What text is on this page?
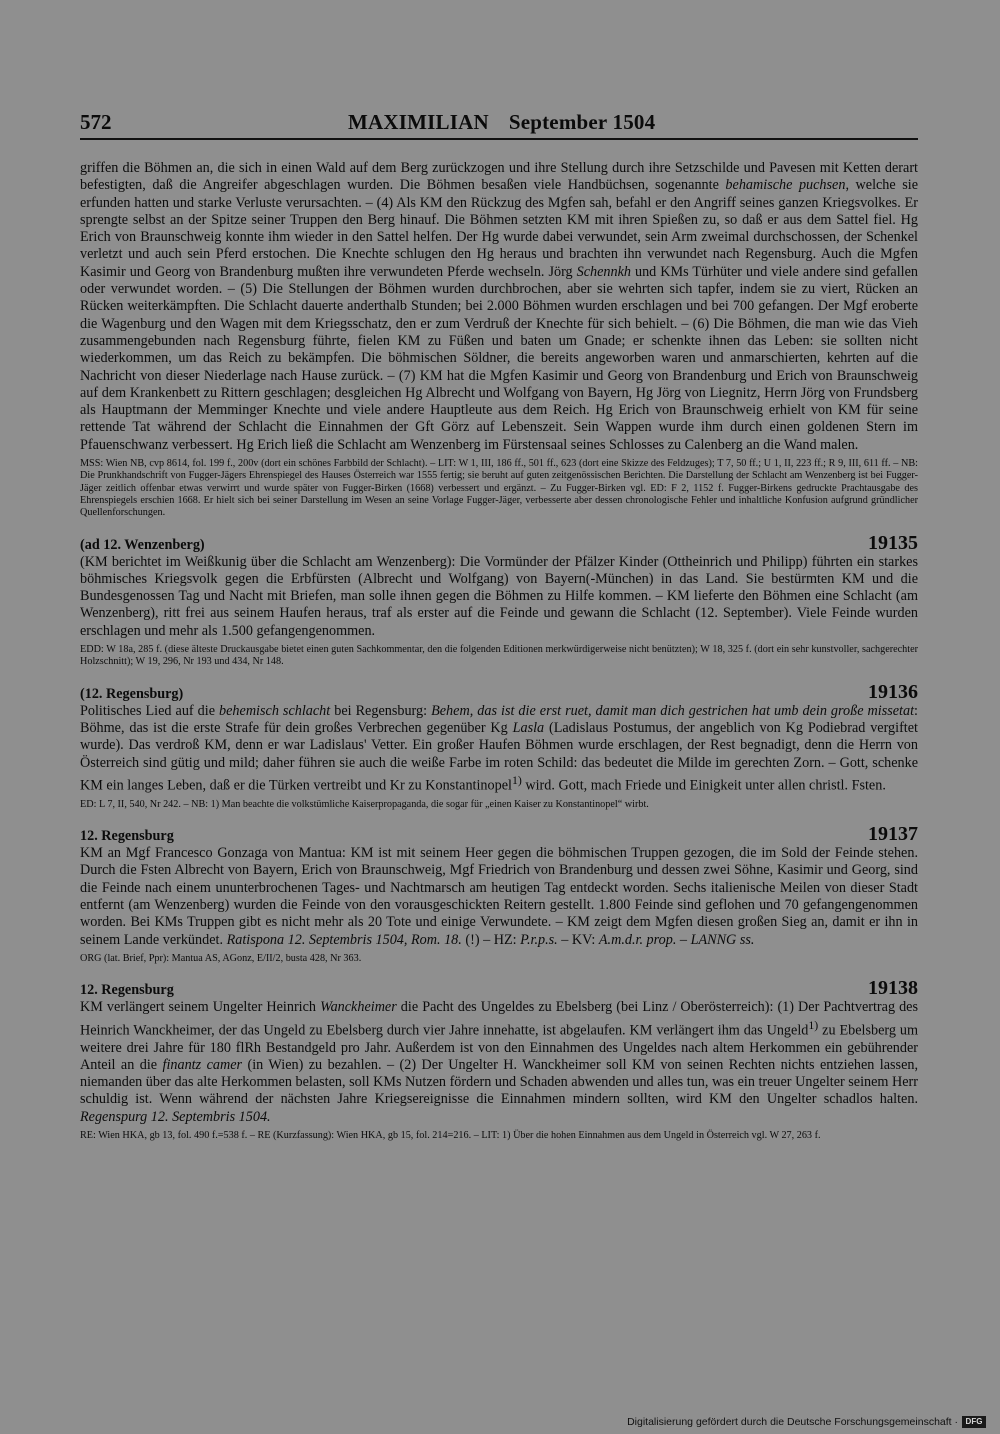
572	MAXIMILIAN September 1504

griffen die Böhmen an, die sich in einen Wald auf dem Berg zurückzogen und ihre Stellung durch ihre Setzschilde und Pavesen mit Ketten derart befestigten, daß die Angreifer abgeschlagen wurden. Die Böhmen besaßen viele Handbüchsen, sogenannte behamische puchsen, welche sie erfunden hatten und starke Verluste verursachten. – (4) Als KM den Rückzug des Mgfen sah, befahl er den Angriff seines ganzen Kriegsvolkes. Er sprengte selbst an der Spitze seiner Truppen den Berg hinauf. Die Böhmen setzten KM mit ihren Spießen zu, so daß er aus dem Sattel fiel. Hg Erich von Braunschweig konnte ihm wieder in den Sattel helfen. Der Hg wurde dabei verwundet, sein Arm zweimal durchschossen, der Schenkel verletzt und auch sein Pferd erstochen. Die Knechte schlugen den Hg heraus und brachten ihn verwundet nach Regensburg. Auch die Mgfen Kasimir und Georg von Brandenburg mußten ihre verwundeten Pferde wechseln. Jörg Schennkh und KMs Türhüter und viele andere sind gefallen oder verwundet worden. – (5) Die Stellungen der Böhmen wurden durchbrochen, aber sie wehrten sich tapfer, indem sie zu viert, Rücken an Rücken weiterkämpften. Die Schlacht dauerte anderthalb Stunden; bei 2.000 Böhmen wurden erschlagen und bei 700 gefangen. Der Mgf eroberte die Wagenburg und den Wagen mit dem Kriegsschatz, den er zum Verdruß der Knechte für sich behielt. – (6) Die Böhmen, die man wie das Vieh zusammengebunden nach Regensburg führte, fielen KM zu Füßen und baten um Gnade; er schenkte ihnen das Leben: sie sollten nicht wiederkommen, um das Reich zu bekämpfen. Die böhmischen Söldner, die bereits angeworben waren und anmarschierten, kehrten auf die Nachricht von dieser Niederlage nach Hause zurück. – (7) KM hat die Mgfen Kasimir und Georg von Brandenburg und Erich von Braunschweig auf dem Krankenbett zu Rittern geschlagen; desgleichen Hg Albrecht und Wolfgang von Bayern, Hg Jörg von Liegnitz, Herrn Jörg von Frundsberg als Hauptmann der Memminger Knechte und viele andere Hauptleute aus dem Reich. Hg Erich von Braunschweig erhielt von KM für seine rettende Tat während der Schlacht die Einnahmen der Gft Görz auf Lebenszeit. Sein Wappen wurde ihm durch einen goldenen Stern im Pfauenschwanz verbessert. Hg Erich ließ die Schlacht am Wenzenberg im Fürstensaal seines Schlosses zu Calenberg an die Wand malen.

MSS: Wien NB, cvp 8614, fol. 199 f., 200v (dort ein schönes Farbbild der Schlacht). – LIT: W 1, III, 186 ff., 501 ff., 623 (dort eine Skizze des Feldzuges); T 7, 50 ff.; U 1, II, 223 ff.; R 9, III, 611 ff. – NB: Die Prunkhandschrift von Fugger-Jägers Ehrenspiegel des Hauses Österreich war 1555 fertig; sie beruht auf guten zeitgenössischen Berichten. Die Darstellung der Schlacht am Wenzenberg ist bei Fugger-Jäger zeitlich offenbar etwas verwirrt und wurde später von Fugger-Birken (1668) verbessert und ergänzt. – Zu Fugger-Birken vgl. ED: F 2, 1152 f. Fugger-Birkens gedruckte Prachtausgabe des Ehrenspiegels erschien 1668. Er hielt sich bei seiner Darstellung im Wesen an seine Vorlage Fugger-Jäger, verbesserte aber dessen chronologische Fehler und inhaltliche Konfusion aufgrund gründlicher Quellenforschungen.

(ad 12. Wenzenberg)	19135

(KM berichtet im Weißkunig über die Schlacht am Wenzenberg): Die Vormünder der Pfälzer Kinder (Ottheinrich und Philipp) führten ein starkes böhmisches Kriegsvolk gegen die Erbfürsten (Albrecht und Wolfgang) von Bayern(-München) in das Land. Sie bestürmten KM und die Bundesgenossen Tag und Nacht mit Briefen, man solle ihnen gegen die Böhmen zu Hilfe kommen. – KM lieferte den Böhmen eine Schlacht (am Wenzenberg), ritt frei aus seinem Haufen heraus, traf als erster auf die Feinde und gewann die Schlacht (12. September). Viele Feinde wurden erschlagen und mehr als 1.500 gefangengenommen.

EDD: W 18a, 285 f. (diese älteste Druckausgabe bietet einen guten Sachkommentar, den die folgenden Editionen merkwürdigerweise nicht benützten); W 18, 325 f. (dort ein sehr kunstvoller, sachgerechter Holzschnitt); W 19, 296, Nr 193 und 434, Nr 148.

(12. Regensburg)	19136

Politisches Lied auf die behemisch schlacht bei Regensburg: Behem, das ist die erst ruet, damit man dich gestrichen hat umb dein große missetat: Böhme, das ist die erste Strafe für dein großes Verbrechen gegenüber Kg Lasla (Ladislaus Postumus, der angeblich von Kg Podiebrad vergiftet wurde). Das verdroß KM, denn er war Ladislaus' Vetter. Ein großer Haufen Böhmen wurde erschlagen, der Rest begnadigt, denn die Herrn von Österreich sind gütig und mild; daher führen sie auch die weiße Farbe im roten Schild: das bedeutet die Milde im gerechten Zorn. – Gott, schenke KM ein langes Leben, daß er die Türken vertreibt und Kr zu Konstantinopel$^{1)}$ wird. Gott, mach Friede und Einigkeit unter allen christl. Fsten.

ED: L 7, II, 540, Nr 242. – NB: 1) Man beachte die volkstümliche Kaiserpropaganda, die sogar für „einen Kaiser zu Konstantinopel“ wirbt.

12. Regensburg	19137

KM an Mgf Francesco Gonzaga von Mantua: KM ist mit seinem Heer gegen die böhmischen Truppen gezogen, die im Sold der Feinde stehen. Durch die Fsten Albrecht von Bayern, Erich von Braunschweig, Mgf Friedrich von Brandenburg und dessen zwei Söhne, Kasimir und Georg, sind die Feinde nach einem ununterbrochenen Tages- und Nachtmarsch am heutigen Tag entdeckt worden. Sechs italienische Meilen von dieser Stadt entfernt (am Wenzenberg) wurden die Feinde von den vorausgeschickten Reitern gestellt. 1.800 Feinde sind geflohen und 70 gefangengenommen worden. Bei KMs Truppen gibt es nicht mehr als 20 Tote und einige Verwundete. – KM zeigt dem Mgfen diesen großen Sieg an, damit er ihn in seinem Lande verkündet. Ratispona 12. Septembris 1504, Rom. 18. (!) – HZ: P.r.p.s. – KV: A.m.d.r. prop. – LANNG ss.

ORG (lat. Brief, Ppr): Mantua AS, AGonz, E/II/2, busta 428, Nr 363.

12. Regensburg	19138

KM verlängert seinem Ungelter Heinrich Wanckheimer die Pacht des Ungeldes zu Ebelsberg (bei Linz / Oberösterreich): (1) Der Pachtvertrag des Heinrich Wanckheimer, der das Ungeld zu Ebelsberg durch vier Jahre innehatte, ist abgelaufen. KM verlängert ihm das Ungeld$^{1)}$ zu Ebelsberg um weitere drei Jahre für 180 flRh Bestandgeld pro Jahr. Außerdem ist von den Einnahmen des Ungeldes nach altem Herkommen ein gebührender Anteil an die finantz camer (in Wien) zu bezahlen. – (2) Der Ungelter H. Wanckheimer soll KM von seinen Rechten nichts entziehen lassen, niemanden über das alte Herkommen belasten, soll KMs Nutzen fördern und Schaden abwenden und alles tun, was ein treuer Ungelter seinem Herr schuldig ist. Wenn während der nächsten Jahre Kriegsereignisse die Einnahmen mindern sollten, wird KM den Ungelter schadlos halten. Regenspurg 12. Septembris 1504.

RE: Wien HKA, gb 13, fol. 490 f.=538 f. – RE (Kurzfassung): Wien HKA, gb 15, fol. 214=216. – LIT: 1) Über die hohen Einnahmen aus dem Ungeld in Österreich vgl. W 27, 263 f.

Digitalisierung gefördert durch die Deutsche Forschungsgemeinschaft · DFG
